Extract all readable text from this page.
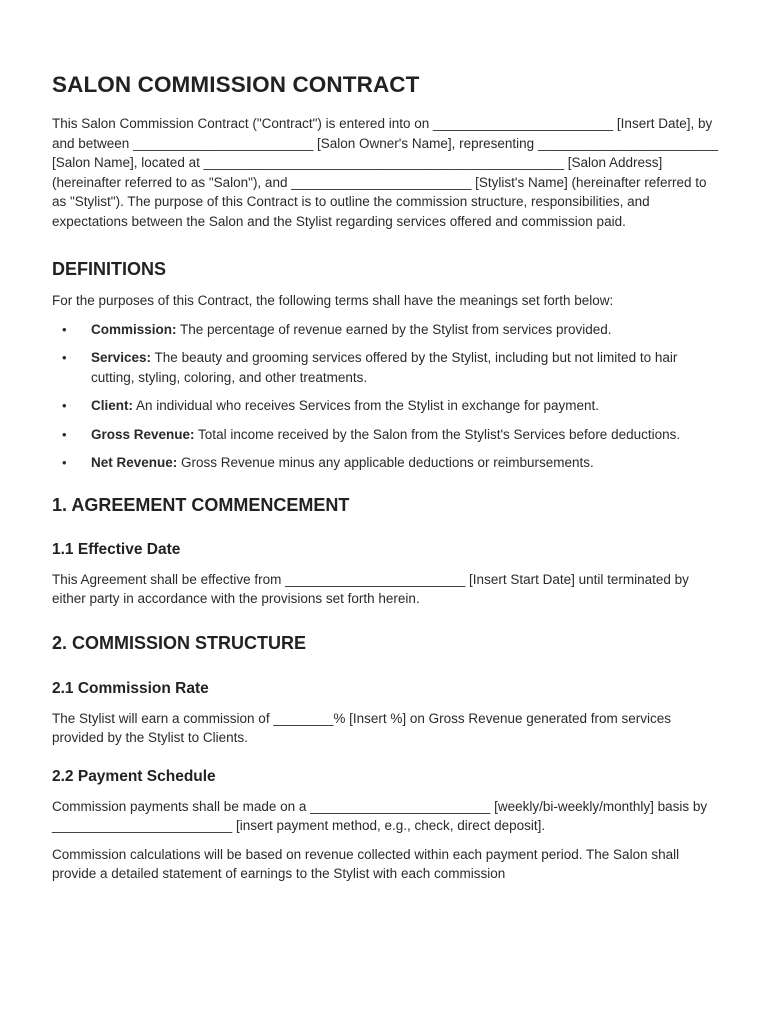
SALON COMMISSION CONTRACT

This Salon Commission Contract ("Contract") is entered into on ________________________ [Insert Date], by and between ________________________ [Salon Owner's Name], representing ________________________ [Salon Name], located at ________________________________________________ [Salon Address] (hereinafter referred to as "Salon"), and ________________________ [Stylist's Name] (hereinafter referred to as "Stylist"). The purpose of this Contract is to outline the commission structure, responsibilities, and expectations between the Salon and the Stylist regarding services offered and commission paid.

DEFINITIONS

For the purposes of this Contract, the following terms shall have the meanings set forth below:

• Commission: The percentage of revenue earned by the Stylist from services provided.
• Services: The beauty and grooming services offered by the Stylist, including but not limited to hair cutting, styling, coloring, and other treatments.
• Client: An individual who receives Services from the Stylist in exchange for payment.
• Gross Revenue: Total income received by the Salon from the Stylist's Services before deductions.
• Net Revenue: Gross Revenue minus any applicable deductions or reimbursements.
1. AGREEMENT COMMENCEMENT
1.1 Effective Date

This Agreement shall be effective from ________________________ [Insert Start Date] until terminated by either party in accordance with the provisions set forth herein.

2. COMMISSION STRUCTURE
2.1 Commission Rate

The Stylist will earn a commission of ________% [Insert %] on Gross Revenue generated from services provided by the Stylist to Clients.

2.2 Payment Schedule

Commission payments shall be made on a ________________________ [weekly/bi-weekly/monthly] basis by ________________________ [insert payment method, e.g., check, direct deposit].

Commission calculations will be based on revenue collected within each payment period. The Salon shall provide a detailed statement of earnings to the Stylist with each commission
